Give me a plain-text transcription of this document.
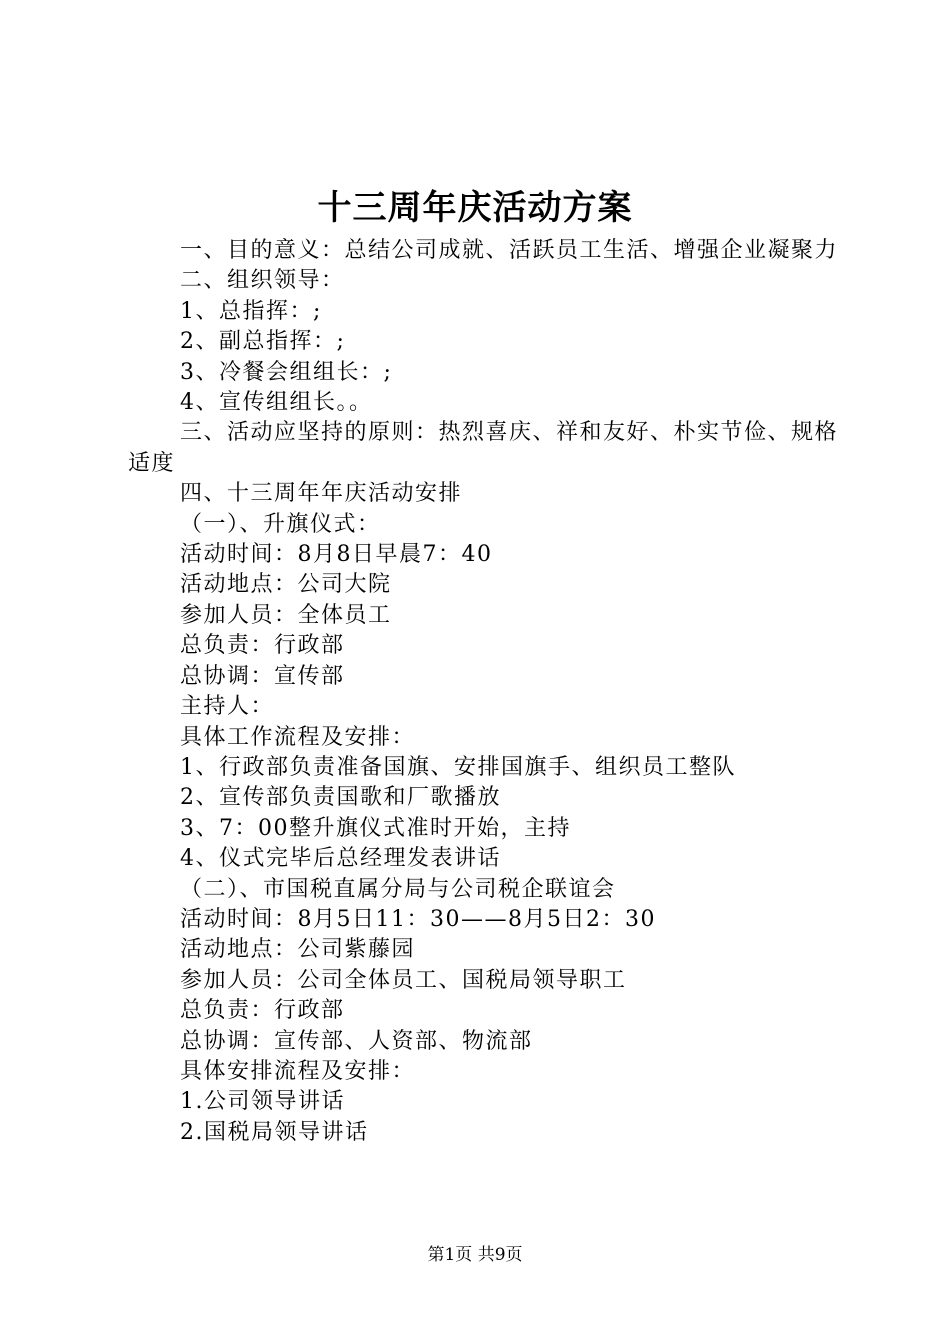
十三周年庆活动方案

一、目的意义：总结公司成就、活跃员工生活、增强企业凝聚力

二、组织领导：

1、总指挥：;

2、副总指挥：;

3、冷餐会组组长：;

4、宣传组组长。。

三、活动应坚持的原则：热烈喜庆、祥和友好、朴实节俭、规格适度

四、十三周年年庆活动安排

（一）、升旗仪式：

活动时间：8月8日早晨7：40

活动地点：公司大院

参加人员：全体员工

总负责：行政部

总协调：宣传部

主持人：

具体工作流程及安排：

1、行政部负责准备国旗、安排国旗手、组织员工整队

2、宣传部负责国歌和厂歌播放

3、7：00整升旗仪式准时开始，主持

4、仪式完毕后总经理发表讲话

（二）、市国税直属分局与公司税企联谊会

活动时间：8月5日11：30——8月5日2：30

活动地点：公司紫藤园

参加人员：公司全体员工、国税局领导职工

总负责：行政部

总协调：宣传部、人资部、物流部

具体安排流程及安排：

1.公司领导讲话

2.国税局领导讲话

第1页 共9页
